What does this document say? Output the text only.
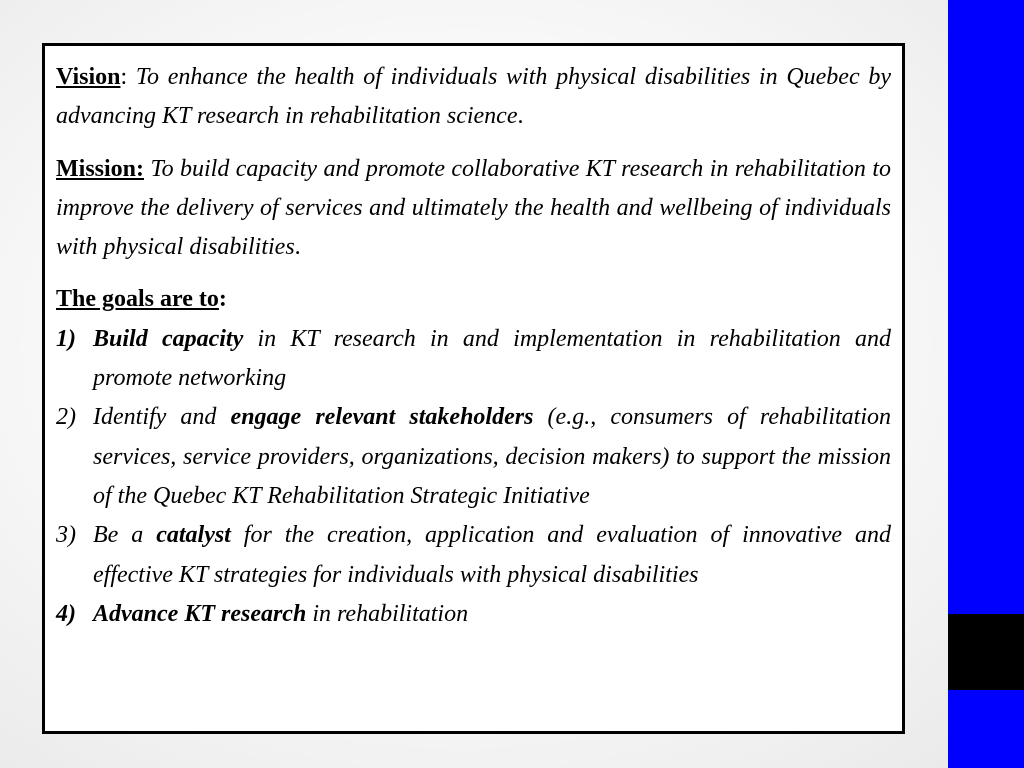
Vision: To enhance the health of individuals with physical disabilities in Quebec by advancing KT research in rehabilitation science.

Mission: To build capacity and promote collaborative KT research in rehabilitation to improve the delivery of services and ultimately the health and wellbeing of individuals with physical disabilities.

The goals are to:

1) Build capacity in KT research in and implementation in rehabilitation and promote networking
2) Identify and engage relevant stakeholders (e.g., consumers of rehabilitation services, service providers, organizations, decision makers) to support the mission of the Quebec KT Rehabilitation Strategic Initiative
3) Be a catalyst for the creation, application and evaluation of innovative and effective KT strategies for individuals with physical disabilities
4) Advance KT research in rehabilitation
